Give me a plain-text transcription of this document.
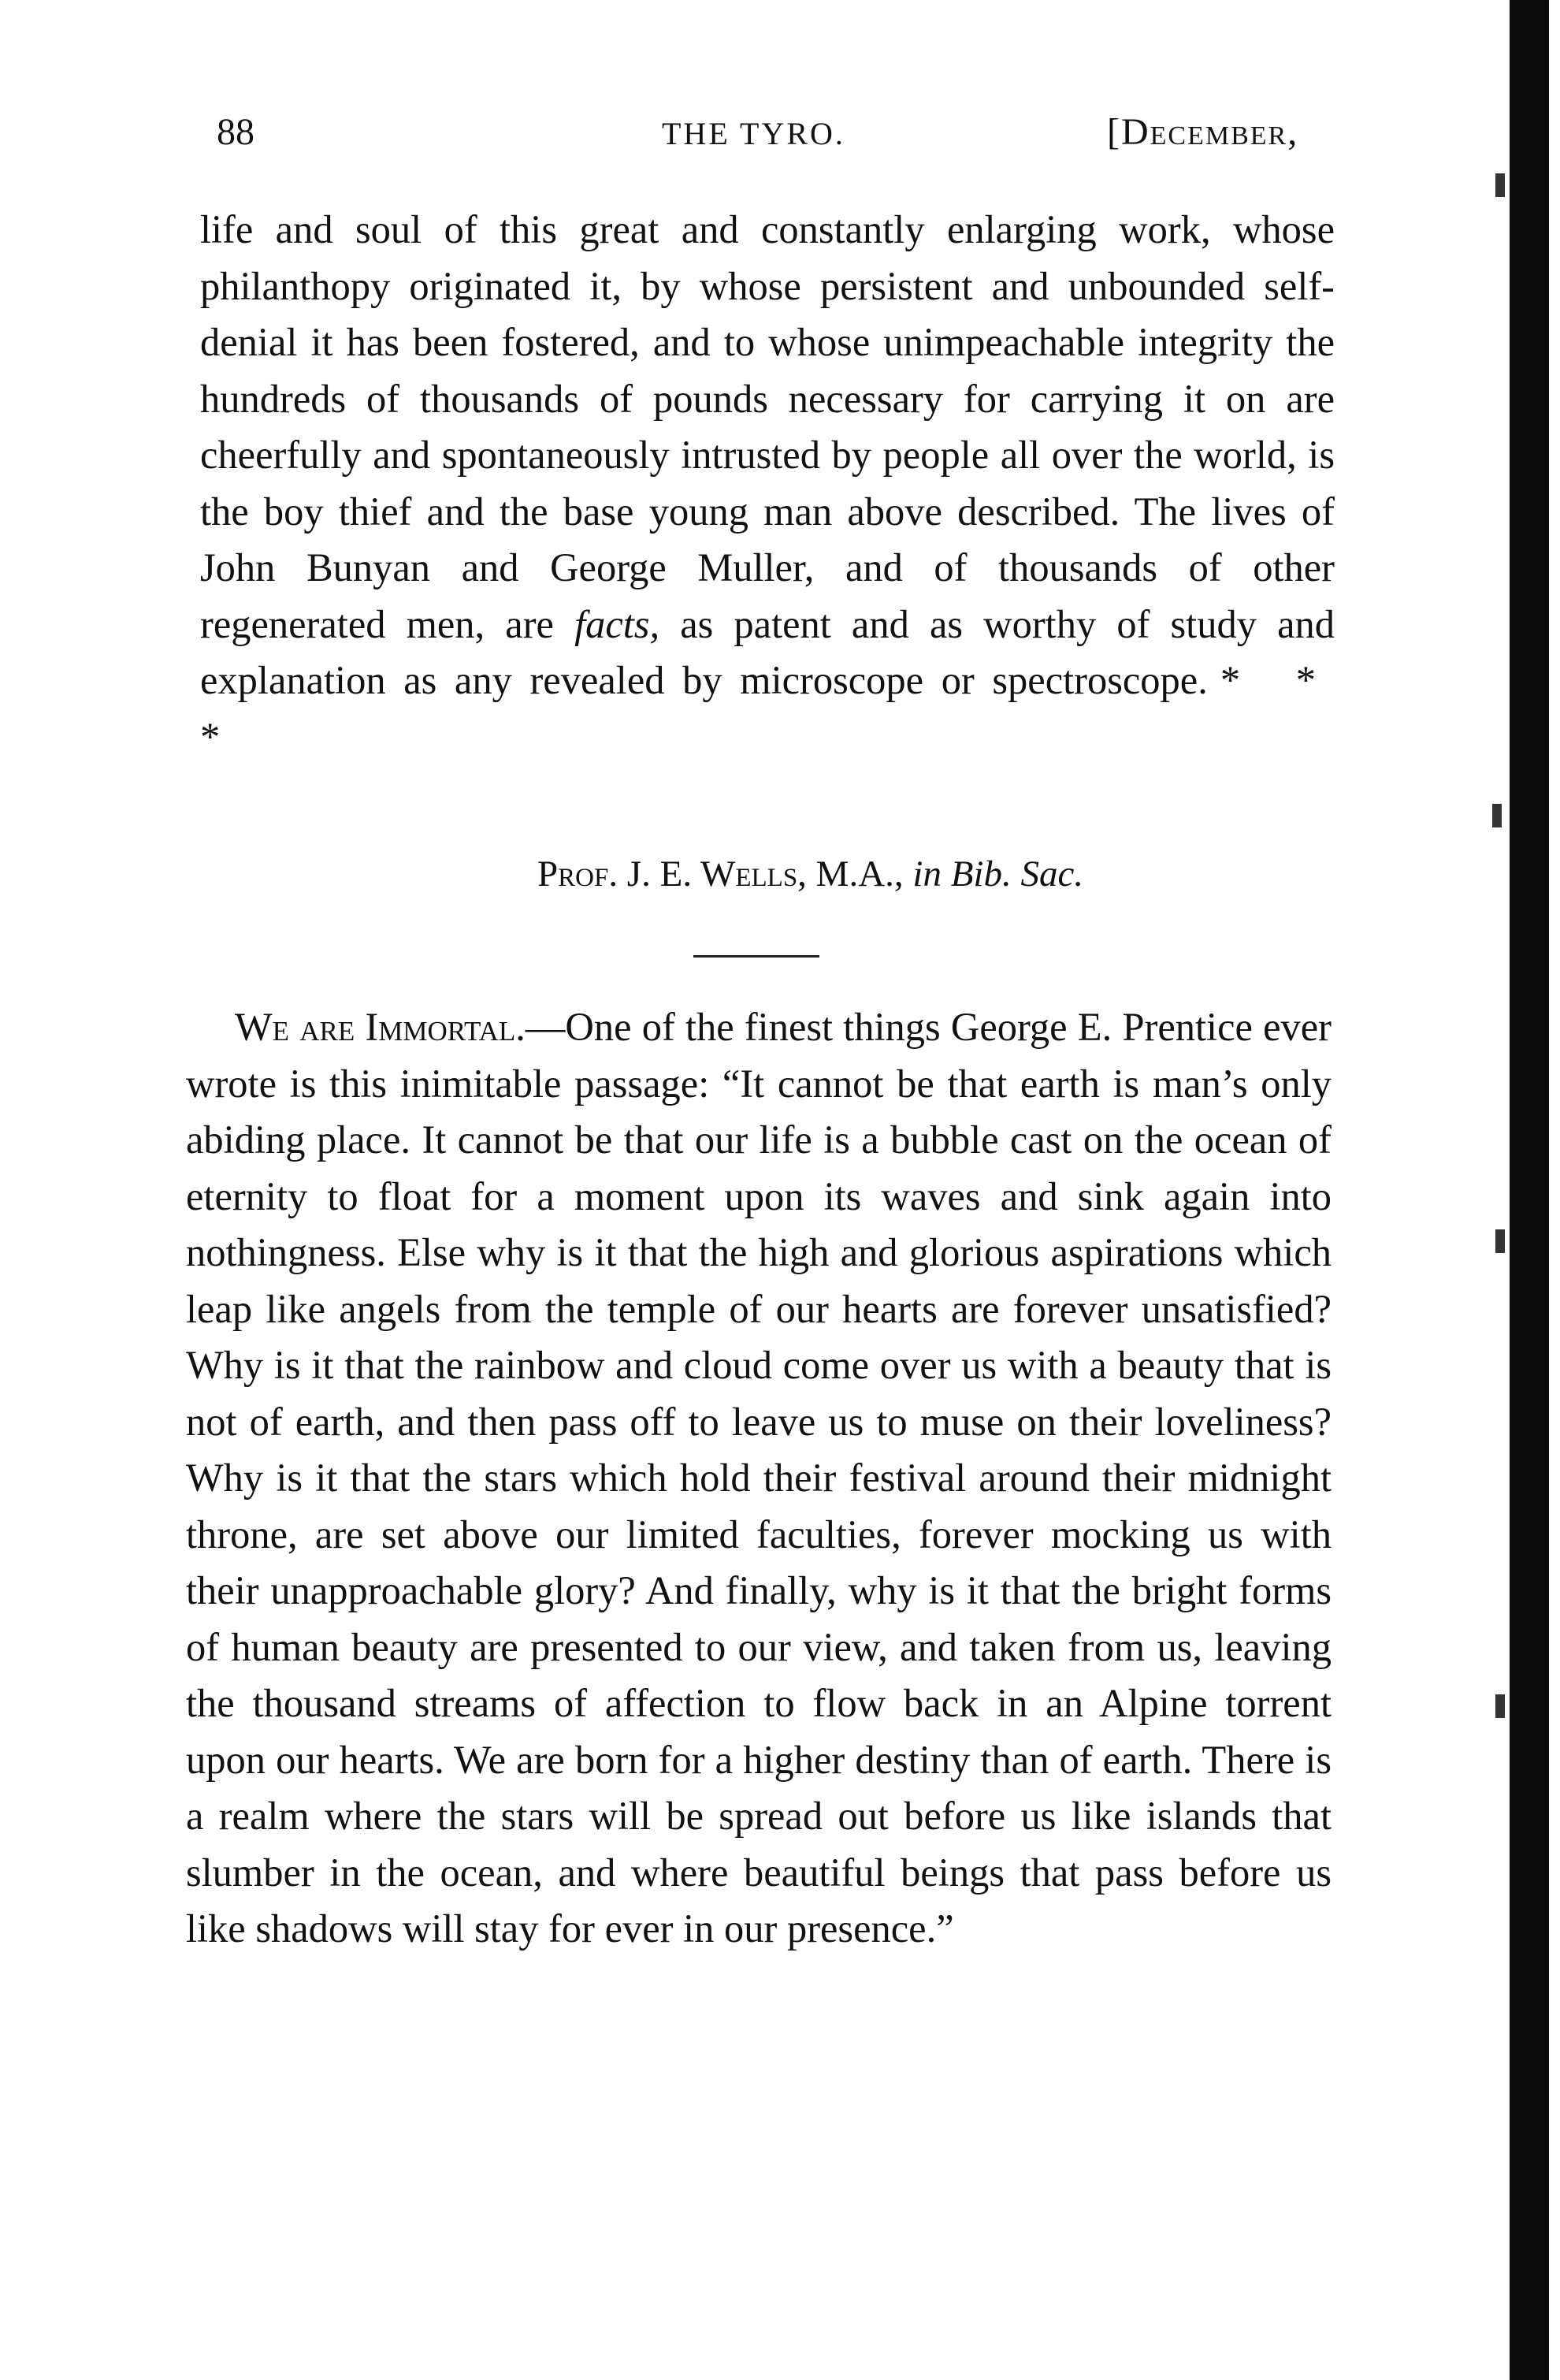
88	THE TYRO.	[December,

life and soul of this great and constantly enlarging work, whose philanthopy originated it, by whose persistent and unbounded self-denial it has been fostered, and to whose unimpeachable integrity the hundreds of thousands of pounds necessary for carrying it on are cheerfully and spontaneously intrusted by people all over the world, is the boy thief and the base young man above described. The lives of John Bunyan and George Muller, and of thousands of other regenerated men, are facts, as patent and as worthy of study and explanation as any revealed by microscope or spectroscope. * * *

Prof. J. E. Wells, M.A., in Bib. Sac.

We are Immortal.—One of the finest things George E. Prentice ever wrote is this inimitable passage: “It cannot be that earth is man’s only abiding place. It cannot be that our life is a bubble cast on the ocean of eternity to float for a moment upon its waves and sink again into nothingness. Else why is it that the high and glorious aspirations which leap like angels from the temple of our hearts are forever unsatisfied? Why is it that the rainbow and cloud come over us with a beauty that is not of earth, and then pass off to leave us to muse on their loveliness? Why is it that the stars which hold their festival around their midnight throne, are set above our limited faculties, forever mocking us with their unapproachable glory? And finally, why is it that the bright forms of human beauty are presented to our view, and taken from us, leaving the thousand streams of affection to flow back in an Alpine torrent upon our hearts. We are born for a higher destiny than of earth. There is a realm where the stars will be spread out before us like islands that slumber in the ocean, and where beautiful beings that pass before us like shadows will stay for ever in our presence.”
